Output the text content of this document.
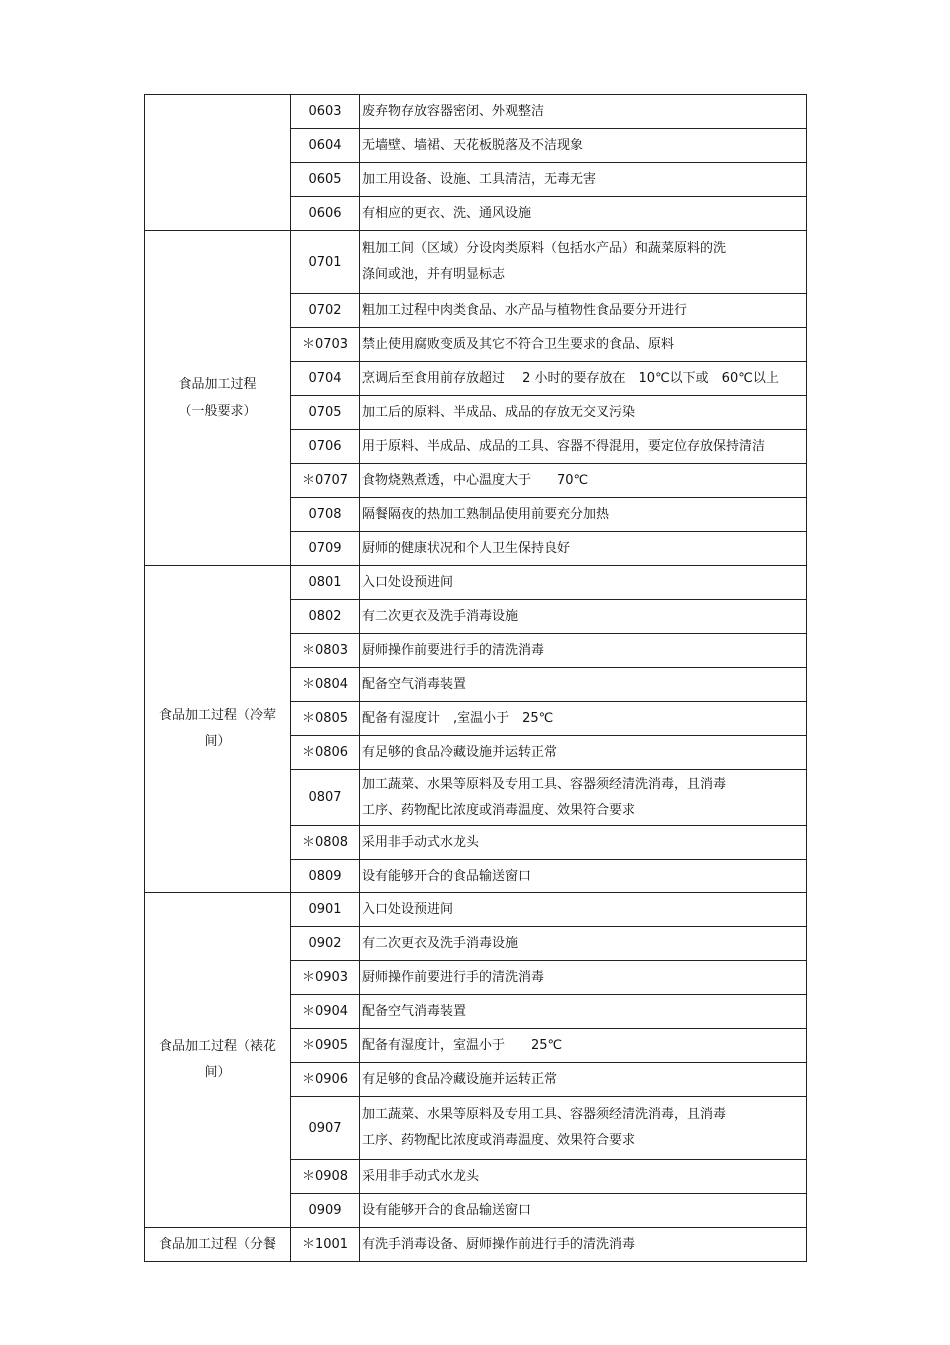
	0603	废弃物存放容器密闭、外观整洁
	0604	无墙壁、墙裙、天花板脱落及不洁现象
	0605	加工用设备、设施、工具清洁，无毒无害
	0606	有相应的更衣、洗、通风设施
食品加工过程
（一般要求）	0701	粗加工间（区域）分设肉类原料（包括水产品）和蔬菜原料的洗
涤间或池，并有明显标志
	0702	粗加工过程中肉类食品、水产品与植物性食品要分开进行
	＊0703	禁止使用腐败变质及其它不符合卫生要求的食品、原料
	0704	烹调后至食用前存放超过　 2 小时的要存放在　10℃以下或　60℃以上
	0705	加工后的原料、半成品、成品的存放无交叉污染
	0706	用于原料、半成品、成品的工具、容器不得混用，要定位存放保持清洁
	＊0707	食物烧熟煮透，中心温度大于　　70℃
	0708	隔餐隔夜的热加工熟制品使用前要充分加热
	0709	厨师的健康状况和个人卫生保持良好
食品加工过程（冷荤
间）	0801	入口处设预进间
	0802	有二次更衣及洗手消毒设施
	＊0803	厨师操作前要进行手的清洗消毒
	＊0804	配备空气消毒装置
	＊0805	配备有湿度计　,室温小于　25℃
	＊0806	有足够的食品冷藏设施并运转正常
	0807	加工蔬菜、水果等原料及专用工具、容器须经清洗消毒，且消毒
工序、药物配比浓度或消毒温度、效果符合要求
	＊0808	采用非手动式水龙头
	0809	设有能够开合的食品输送窗口
食品加工过程（裱花
间）	0901	入口处设预进间
	0902	有二次更衣及洗手消毒设施
	＊0903	厨师操作前要进行手的清洗消毒
	＊0904	配备空气消毒装置
	＊0905	配备有湿度计，室温小于　　25℃
	＊0906	有足够的食品冷藏设施并运转正常
	0907	加工蔬菜、水果等原料及专用工具、容器须经清洗消毒，且消毒
工序、药物配比浓度或消毒温度、效果符合要求
	＊0908	采用非手动式水龙头
	0909	设有能够开合的食品输送窗口
食品加工过程（分餐	＊1001	有洗手消毒设备、厨师操作前进行手的清洗消毒
